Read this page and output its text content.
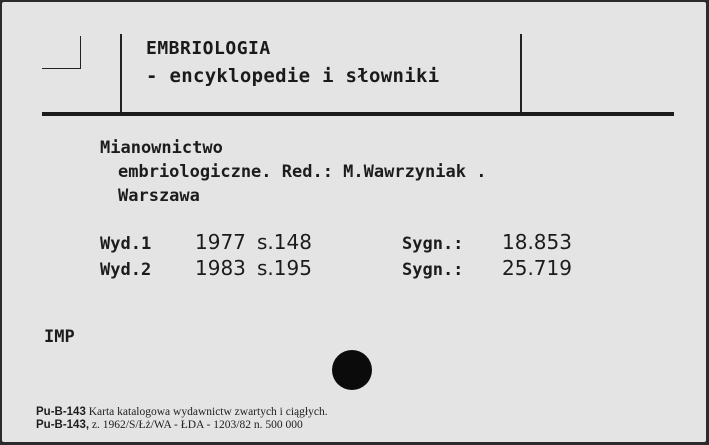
EMBRIOLOGIA
- encyklopedie i słowniki
Mianownictwo
embriologiczne. Red.: M.Wawrzyniak .
Warszawa
Wyd.1 1977 s.148	Sygn.: 18.853
Wyd.2 1983 s.195	Sygn.: 25.719
IMP
Pu-B-143 Karta katalogowa wydawnictw zwartych i ciągłych.
Pu-B-143, z. 1962/S/Łż/WA - ŁDA - 1203/82 n. 500 000
